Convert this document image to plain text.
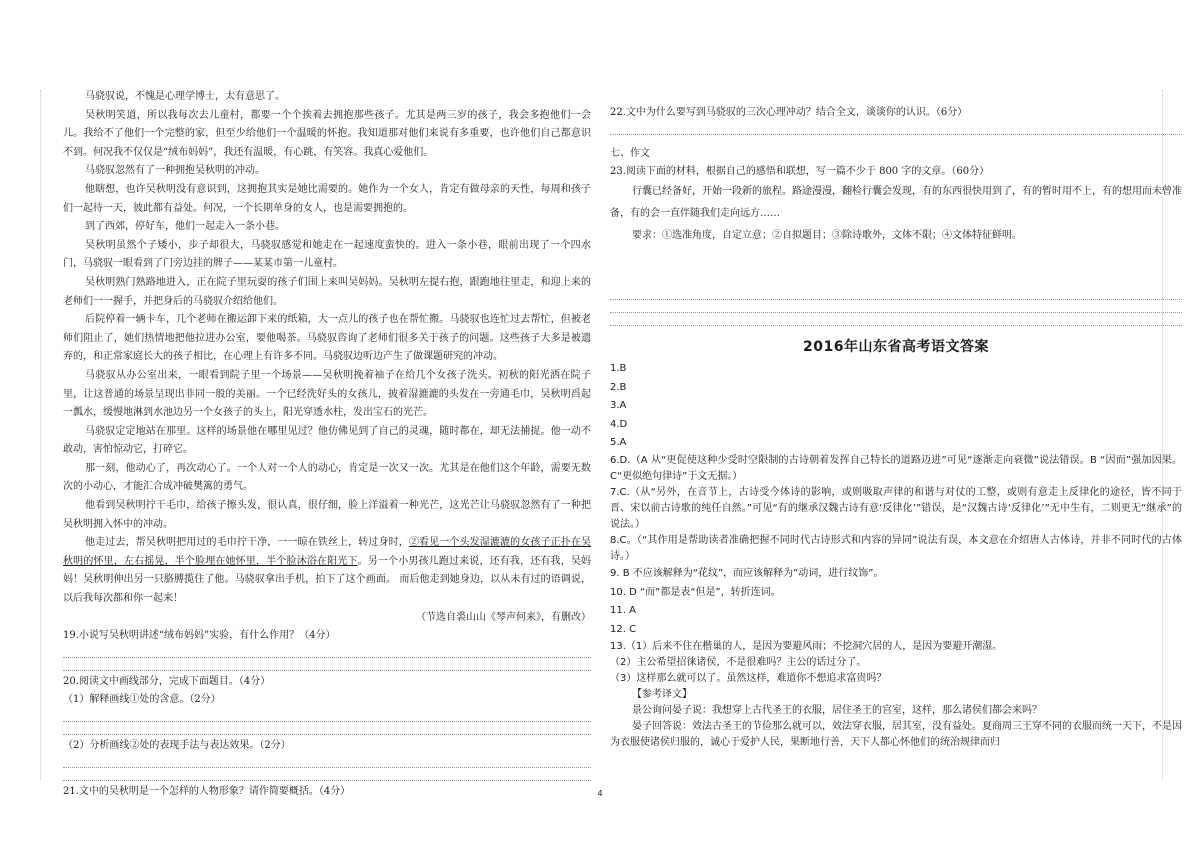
马骁驭说，不愧是心理学博士，太有意思了。

吴秋明笑道，所以我每次去儿童村，都要一个个挨着去拥抱那些孩子。尤其是两三岁的孩子，我会多抱他们一会儿。我给不了他们一个完整的家，但至少给他们一个温暖的怀抱。我知道那对他们来说有多重要，也许他们自己都意识不到。何况我不仅仅是“绒布妈妈”，我还有温暖，有心跳，有笑容。我真心爱他们。

马骁驭忽然有了一种拥抱吴秋明的冲动。

他瞎想，也许吴秋明没有意识到，这拥抱其实是她比需要的。她作为一个女人，肯定有做母亲的天性，每周和孩子们一起待一天，彼此都有益处。何况，一个长期单身的女人，也是需要拥抱的。

到了西郊，停好车，他们一起走入一条小巷。

吴秋明虽然个子矮小，步子却很大，马骁驭感觉和她走在一起速度蛮快的。进入一条小巷，眼前出现了一个四水门，马骁驭一眼看到了门旁边挂的牌子——某某市第一儿童村。

吴秋明熟门熟路地进入，正在院子里玩耍的孩子们围上来叫吴妈妈。吴秋明左提右抱，跟跑地往里走，和迎上来的老师们一一握手，并把身后的马骁驭介绍给他们。

后院停着一辆卡车，几个老师在搬运卸下来的纸箱，大一点儿的孩子也在帮忙搬。马骁驭也连忙过去帮忙，但被老师们阻止了，她们热情地把他拉进办公室，要他喝茶。马骁驭咨询了老师们很多关于孩子的问题。这些孩子大多是被遗弃的，和正常家庭长大的孩子相比，在心理上有许多不同。马骁驭边听边产生了做课题研究的冲动。

马骁驭从办公室出来，一眼看到院子里一个场景——吴秋明挽着袖子在给几个女孩子洗头。初秋的阳光洒在院子里，让这普通的场景呈现出非同一般的美丽。一个已经洗好头的女孩儿，披着湿漉漉的头发在一旁通毛巾，吴秋明舀起一瓢水，缓慢地淋到水池边另一个女孩子的头上，阳光穿透水柱，发出宝石的光芒。

马骁驭定定地站在那里。这样的场景他在哪里见过？他仿佛见到了自己的灵魂，随时都在，却无法捕捉。他一动不敢动，害怕惊动它，打碎它。

那一刻，他动心了，再次动心了。一个人对一个人的动心，肯定是一次又一次。尤其是在他们这个年龄，需要无数次的小动心，才能汇合成冲破樊篱的勇气。

他看到吴秋明拧干毛巾，给孩子擦头发，很认真，很仔细，脸上洋溢着一种光芒，这光芒让马骁驭忽然有了一种把吴秋明拥入怀中的冲动。

他走过去，帮吴秋明把用过的毛巾拧干净，一一晾在铁丝上，转过身时，②看见一个头发湿漉漉的女孩子正扑在吴秋明的怀里，左右摇晃，半个脸埋在她怀里，半个脸沐浴在阳光下。另一个小男孩儿跑过来说，还有我，还有我，吴妈妈！吴秋明伸出另一只胳膊揽住了他。马骁驭拿出手机，拍下了这个画面。 而后他走到她身边，以从未有过的语调说，以后我每次都和你一起来！

（节选自裘山山《琴声何来》，有删改）

19.小说写吴秋明讲述“绒布妈妈”实验，有什么作用？（4分）

20.阅读文中画线部分，完成下面题目。（4分）

（1）解释画线①处的含意。（2分）

（2）分析画线②处的表现手法与表达效果。（2分）

21.文中的吴秋明是一个怎样的人物形象？请作简要概括。（4分）

22.文中为什么要写到马骁驭的三次心理冲动？结合全文，谈谈你的认识。（6分）

七、作文

23.阅读下面的材料，根据自己的感悟和联想，写一篇不少于 800 字的文章。（60分）

行囊已经备好，开始一段新的旅程。路途漫漫，翻检行囊会发现，有的东西很快用到了，有的暂时用不上，有的想用而未曾准备，有的会一直伴随我们走向远方……

要求：①选准角度，自定立意；②自拟题目；③除诗歌外，文体不限；④文体特征鲜明。

2016年山东省高考语文答案

1.B

2.B

3.A

4.D

5.A

6.D.（A 从“更促使这种少受时空限制的古诗朝着发挥自己特长的道路迈进”可见“逐渐走向衰微”说法错误。B “因而”强加因果。C“更似绝句律诗”于文无据。）

7.C.（从“另外，在音节上，古诗受今体诗的影响，或则吸取声律的和谐与对仗的工整，或则有意走上反律化的途径，皆不同于晋、宋以前古诗歌的纯任自然。”可见“有的继承汉魏古诗有意‘反律化’”错误，是“汉魏古诗‘反律化’”无中生有，二则更无“继承”的说法。）

8.C。（“其作用是帮助读者准确把握不同时代古诗形式和内容的异同”说法有误，本文意在介绍唐人古体诗，并非不同时代的古体诗。）

9. B 不应该解释为“花纹”，而应该解释为“动词，进行纹饰”。

10. D “而”都是表“但是”，转折连词。

11. A

12. C

13.（1）后来不住在楷巢的人，是因为要避风雨；不挖洞穴居的人，是因为要避开潮湿。

（2）主公希望招徕诸侯，不是很难吗？主公的话过分了。

（3）这样那么就可以了。虽然这样，难道你不想追求富贵吗？

【参考译文】

景公询问晏子说：我想穿上古代圣王的衣服，居住圣王的宫室，这样，那么诸侯们都会来吗？

晏子回答说：效法古圣王的节俭那么就可以，效法穿衣服，居其室，没有益处。夏商周三王穿不同的衣服而统一天下，不是因为衣服使诸侯归服的，诚心于爱护人民，果断地行善，天下人都心怀他们的统治规律而归

4
